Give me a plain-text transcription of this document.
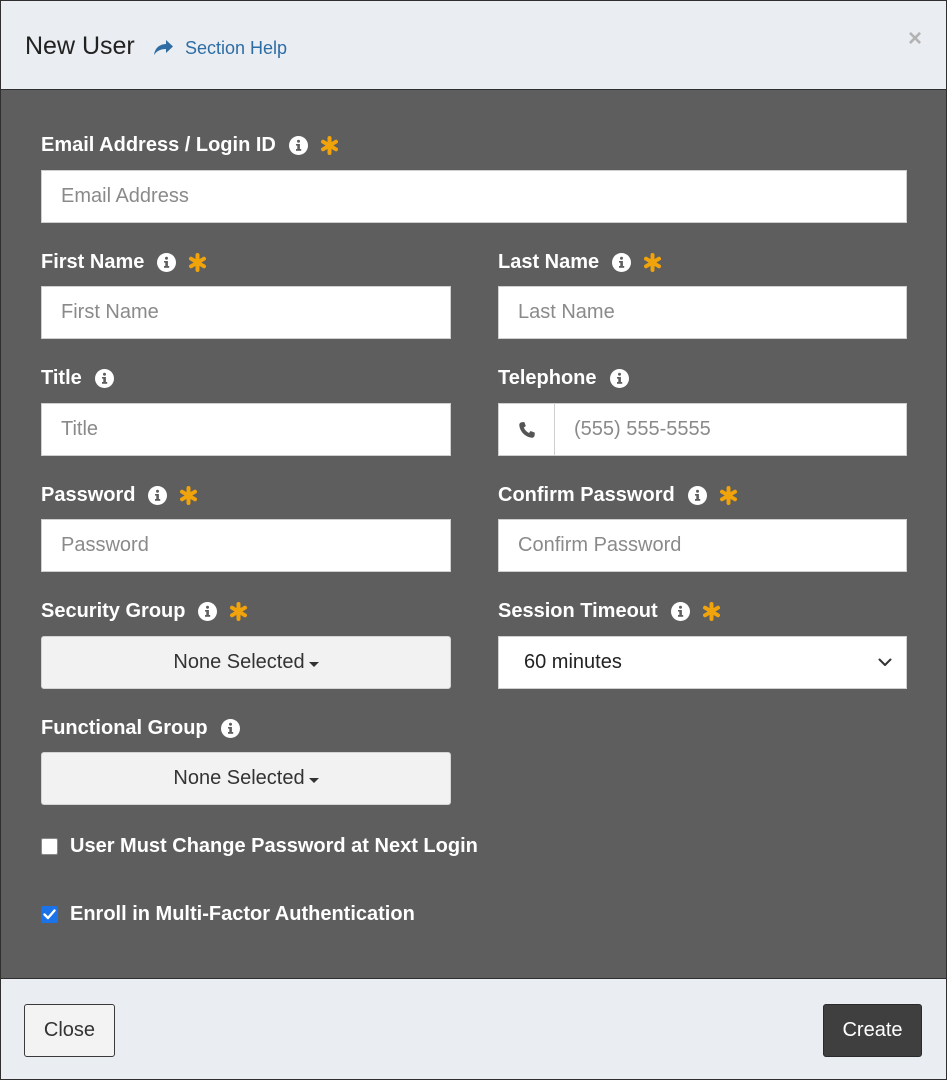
New User	Section Help	×
Email Address / Login ID
Email Address
First Name
First Name
Last Name
Last Name
Title
Title
Telephone
(555) 555-5555
Password
Password
Confirm Password
Confirm Password
Security Group
None Selected
Session Timeout
60 minutes
Functional Group
None Selected
User Must Change Password at Next Login
Enroll in Multi-Factor Authentication
Close	Create
